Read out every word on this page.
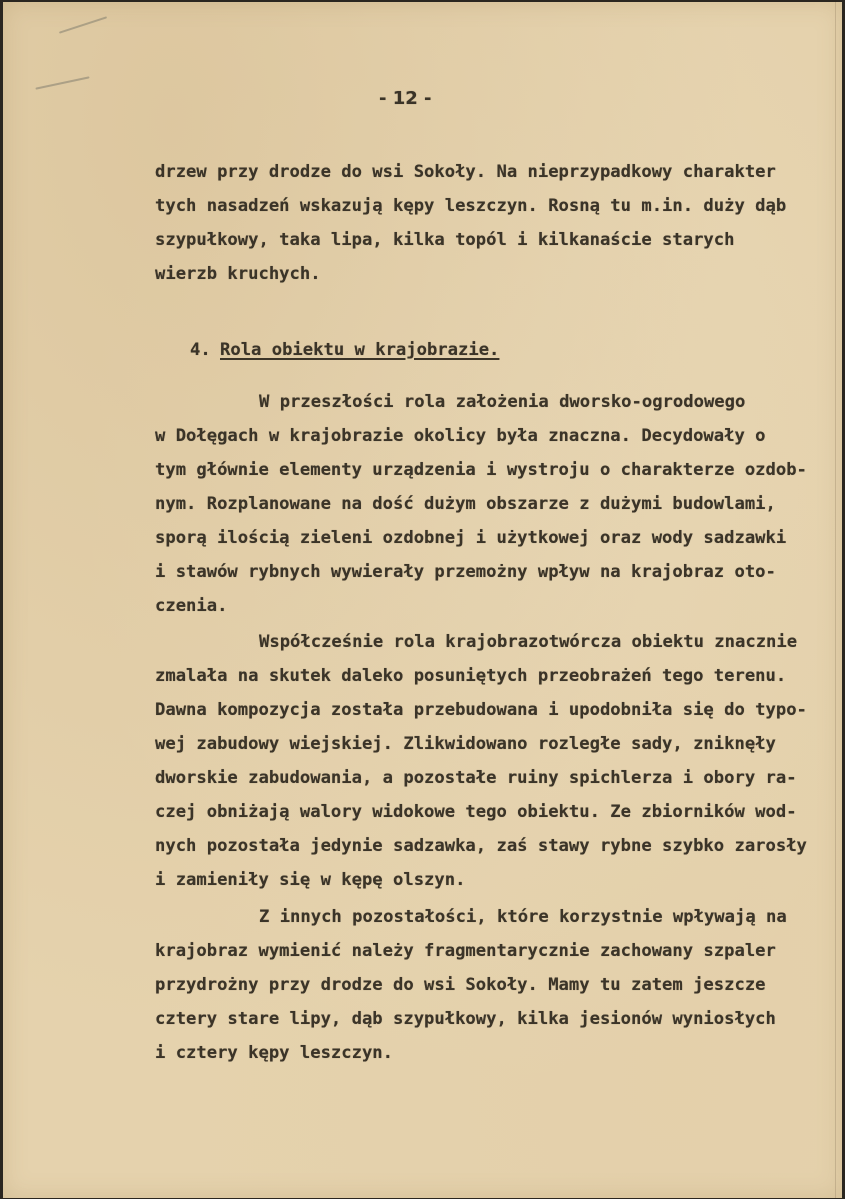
- 12 -
drzew przy drodze do wsi Sokoły. Na nieprzypadkowy charakter
tych nasadzeń wskazują kępy leszczyn. Rosną tu m.in. duży dąb
szypułkowy, taka lipa, kilka topól i kilkanaście starych
wierzb kruchych.
4. Rola obiektu w krajobrazie.
W przeszłości rola założenia dworsko-ogrodowego
w Dołęgach w krajobrazie okolicy była znaczna. Decydowały o
tym głównie elementy urządzenia i wystroju o charakterze ozdob-
nym. Rozplanowane na dość dużym obszarze z dużymi budowlami,
sporą ilością zieleni ozdobnej i użytkowej oraz wody sadzawki
i stawów rybnych wywierały przemożny wpływ na krajobraz oto-
czenia.
Współcześnie rola krajobrazotwórcza obiektu znacznie
zmalała na skutek daleko posuniętych przeobrażeń tego terenu.
Dawna kompozycja została przebudowana i upodobniła się do typo-
wej zabudowy wiejskiej. Zlikwidowano rozległe sady, zniknęły
dworskie zabudowania, a pozostałe ruiny spichlerza i obory ra-
czej obniżają walory widokowe tego obiektu. Ze zbiorników wod-
nych pozostała jedynie sadzawka, zaś stawy rybne szybko zarosły
i zamieniły się w kępę olszyn.
Z innych pozostałości, które korzystnie wpływają na
krajobraz wymienić należy fragmentarycznie zachowany szpaler
przydrożny przy drodze do wsi Sokoły. Mamy tu zatem jeszcze
cztery stare lipy, dąb szypułkowy, kilka jesionów wyniosłych
i cztery kępy leszczyn.
